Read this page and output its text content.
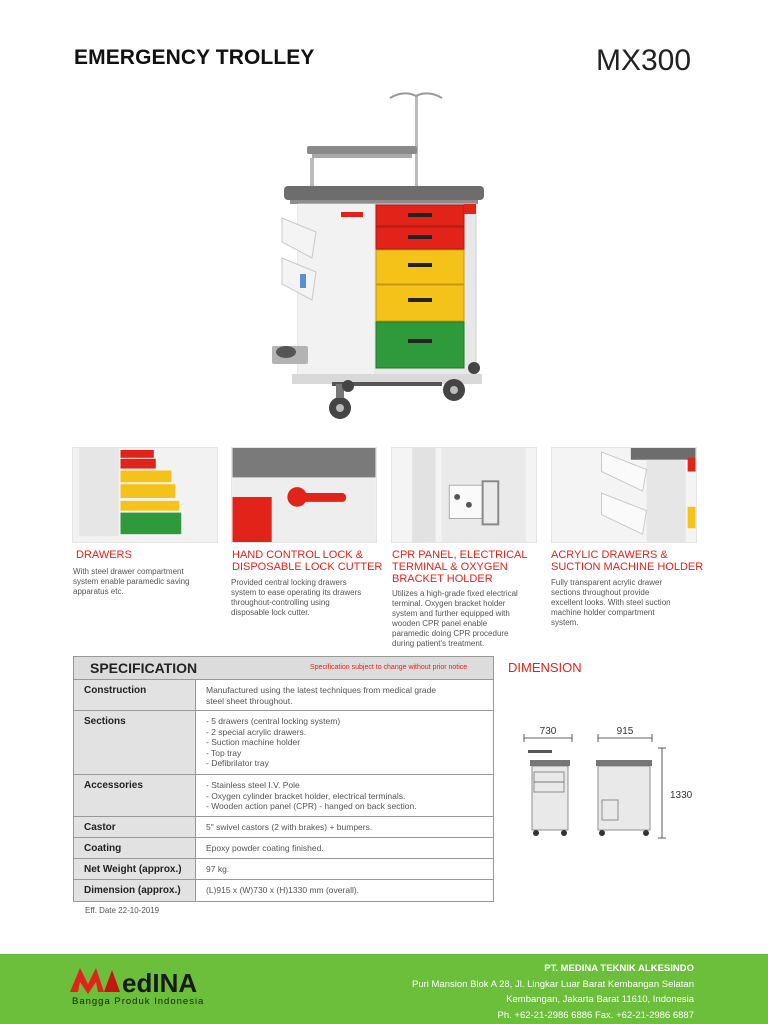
EMERGENCY TROLLEY	MX300
DRAWERS
With steel drawer compartment
system enable paramedic saving
apparatus etc.
HAND CONTROL LOCK &
DISPOSABLE LOCK CUTTER
Provided central locking drawers
system to ease operating its drawers
throughout-controlling using
disposable lock cutter.
CPR PANEL, ELECTRICAL
TERMINAL & OXYGEN
BRACKET HOLDER
Utilizes a high-grade fixed electrical
terminal. Oxygen bracket holder
system and further equipped with
wooden CPR panel enable
paramedic doing CPR procedure
during patient's treatment.
ACRYLIC DRAWERS &
SUCTION MACHINE HOLDER
Fully transparent acrylic drawer
sections throughout provide
excellent looks. With steel suction
machine holder compartment
system.
SPECIFICATION	Specification subject to change without prior notice
Construction	Manufactured using the latest techniques from medical grade
steel sheet throughout.
Sections	- 5 drawers (central locking system)
- 2 special acrylic drawers.
- Suction machine holder
- Top tray
- Defibrilator tray
Accessories	- Stainless steel I.V. Pole
- Oxygen cylinder bracket holder, electrical terminals.
- Wooden action panel (CPR) - hanged on back section.
Castor	5" swivel castors (2 with brakes) + bumpers.
Coating	Epoxy powder coating finished.
Net Weight (approx.)	97 kg.
Dimension (approx.)	(L)915 x (W)730 x (H)1330 mm (overall).
Eff. Date 22-10-2019
DIMENSION
730	915
1330
edINA
Bangga Produk Indonesia
PT. MEDINA TEKNIK ALKESINDO
Puri Mansion Blok A 28, Jl. Lingkar Luar Barat Kembangan Selatan
Kembangan, Jakarta Barat 11610, Indonesia
Ph. +62-21-2986 6886 Fax. +62-21-2986 6887
